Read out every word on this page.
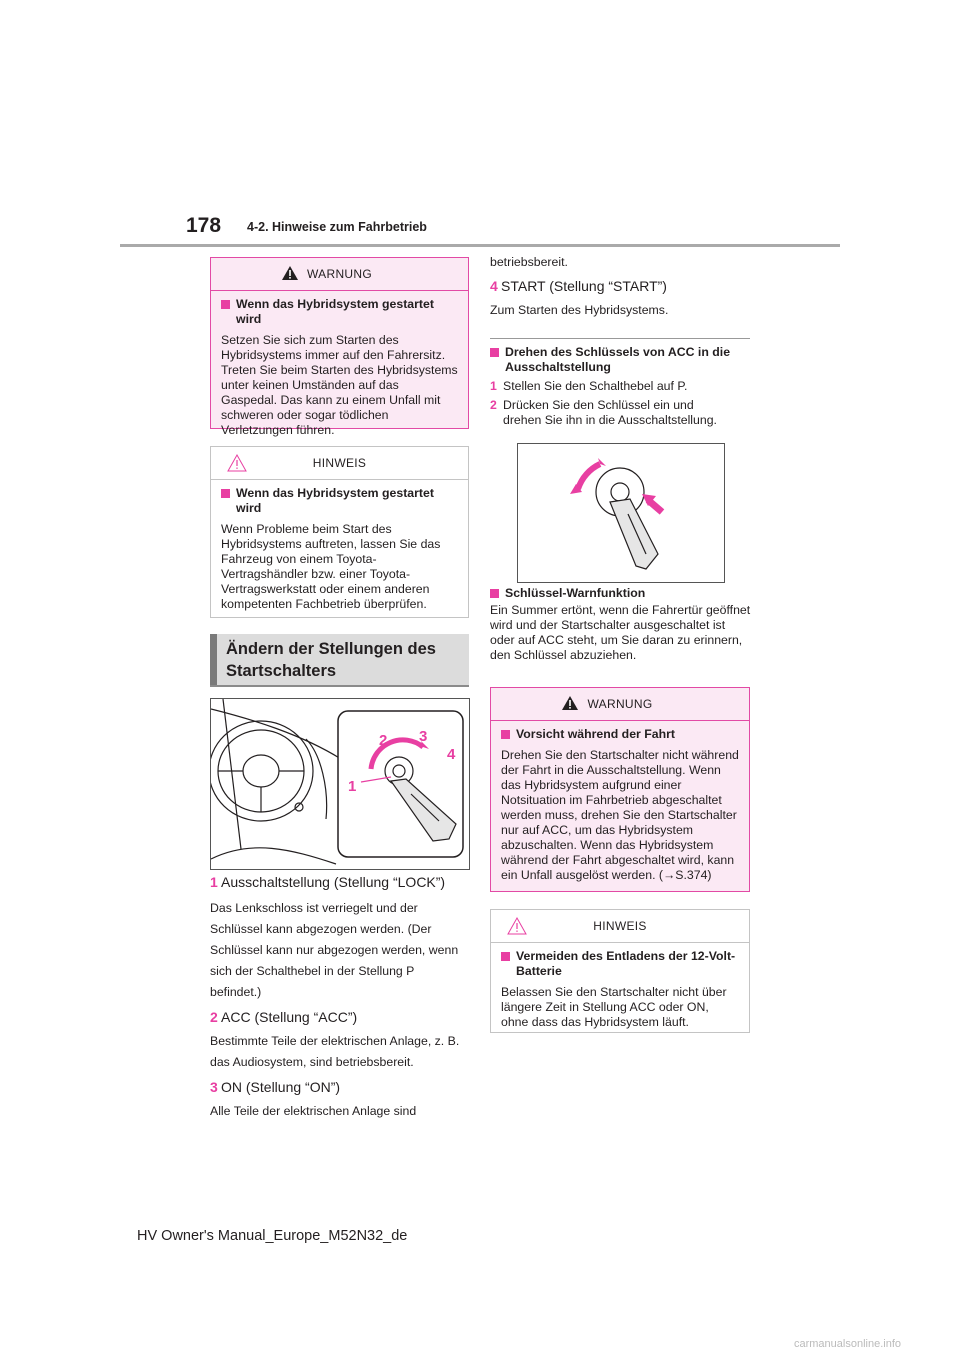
178 4-2. Hinweise zum Fahrbetrieb
WARNUNG
Wenn das Hybridsystem gestartet wird
Setzen Sie sich zum Starten des Hybridsystems immer auf den Fahrersitz. Treten Sie beim Starten des Hybridsystems unter keinen Umständen auf das Gaspedal. Das kann zu einem Unfall mit schweren oder sogar tödlichen Verletzungen führen.
HINWEIS
Wenn das Hybridsystem gestartet wird
Wenn Probleme beim Start des Hybridsystems auftreten, lassen Sie das Fahrzeug von einem Toyota-Vertragshändler bzw. einer Toyota-Vertragswerkstatt oder einem anderen kompetenten Fachbetrieb überprüfen.
Ändern der Stellungen des Startschalters
1
2 3
4
1 Ausschaltstellung (Stellung “LOCK”)
Das Lenkschloss ist verriegelt und der Schlüssel kann abgezogen werden. (Der Schlüssel kann nur abgezogen werden, wenn sich der Schalthebel in der Stellung P befindet.)
2 ACC (Stellung “ACC”)
Bestimmte Teile der elektrischen Anlage, z. B. das Audiosystem, sind betriebsbereit.
3 ON (Stellung “ON”)
Alle Teile der elektrischen Anlage sind
betriebsbereit.
4 START (Stellung “START”)
Zum Starten des Hybridsystems.
Drehen des Schlüssels von ACC in die Ausschaltstellung
1 Stellen Sie den Schalthebel auf P.
2 Drücken Sie den Schlüssel ein und drehen Sie ihn in die Ausschaltstellung.
Schlüssel-Warnfunktion
Ein Summer ertönt, wenn die Fahrertür geöffnet wird und der Startschalter ausgeschaltet ist oder auf ACC steht, um Sie daran zu erinnern, den Schlüssel abzuziehen.
WARNUNG
Vorsicht während der Fahrt
Drehen Sie den Startschalter nicht während der Fahrt in die Ausschaltstellung. Wenn das Hybridsystem aufgrund einer Notsituation im Fahrbetrieb abgeschaltet werden muss, drehen Sie den Startschalter nur auf ACC, um das Hybridsystem abzuschalten. Wenn das Hybridsystem während der Fahrt abgeschaltet wird, kann ein Unfall ausgelöst werden. (→S.374)
HINWEIS
Vermeiden des Entladens der 12-Volt-Batterie
Belassen Sie den Startschalter nicht über längere Zeit in Stellung ACC oder ON, ohne dass das Hybridsystem läuft.
HV Owner's Manual_Europe_M52N32_de
carmanualsonline.info
